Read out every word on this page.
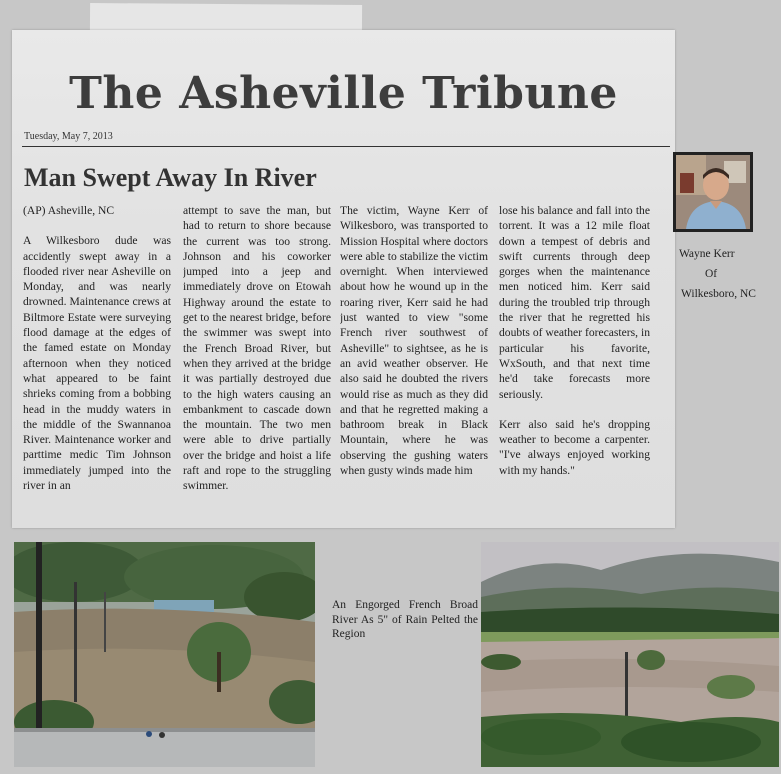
The Asheville Tribune
Tuesday, May 7, 2013
Man Swept Away In River

(AP) Asheville, NC

A Wilkesboro dude was accidently swept away in a flooded river near Asheville on Monday, and was nearly drowned. Maintenance crews at Biltmore Estate were surveying flood damage at the edges of the famed estate on Monday afternoon when they noticed what appeared to be faint shrieks coming from a bobbing head in the muddy waters in the middle of the Swannanoa River. Maintenance worker and parttime medic Tim Johnson immediately jumped into the river in an

attempt to save the man, but had to return to shore because the current was too strong. Johnson and his coworker jumped into a jeep and immediately drove on Etowah Highway around the estate to get to the nearest bridge, before the swimmer was swept into the French Broad River, but when they arrived at the bridge it was partially destroyed due to the high waters causing an embankment to cascade down the mountain. The two men were able to drive partially over the bridge and hoist a life raft and rope to the struggling swimmer.

The victim, Wayne Kerr of Wilkesboro, was transported to Mission Hospital where doctors were able to stabilize the victim overnight. When interviewed about how he wound up in the roaring river, Kerr said he had just wanted to view "some French river southwest of Asheville" to sightsee, as he is an avid weather observer. He also said he doubted the rivers would rise as much as they did and that he regretted making a bathroom break in Black Mountain, where he was observing the gushing waters when gusty winds made him

lose his balance and fall into the torrent. It was a 12 mile float down a tempest of debris and swift currents through deep gorges when the maintenance men noticed him. Kerr said during the troubled trip through the river that he regretted his doubts of weather forecasters, in particular his favorite, WxSouth, and that next time he'd take forecasts more seriously.

Kerr also said he's dropping weather to become a carpenter. "I've always enjoyed working with my hands."

Wayne Kerr
Of
Wilkesboro, NC
An Engorged French Broad River As 5" of Rain Pelted the Region
